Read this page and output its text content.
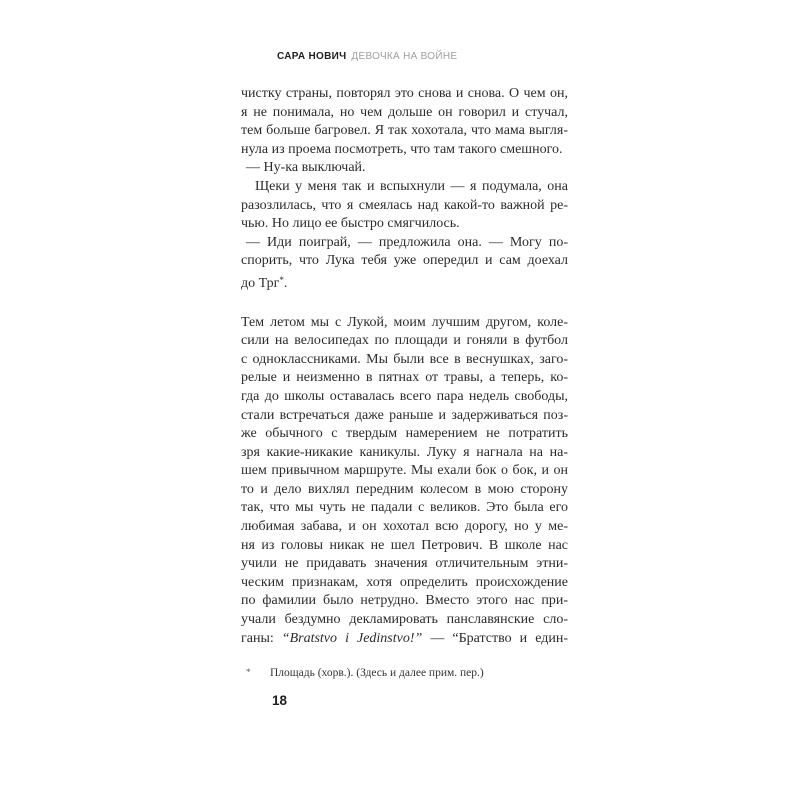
САРА НОВИЧ ДЕВОЧКА НА ВОЙНЕ
чистку страны, повторял это снова и снова. О чем он,
я не понимала, но чем дольше он говорил и стучал,
тем больше багровел. Я так хохотала, что мама выгля-
нула из проема посмотреть, что там такого смешного.
— Ну-ка выключай.
Щеки у меня так и вспыхнули — я подумала, она
разозлилась, что я смеялась над какой-то важной ре-
чью. Но лицо ее быстро смягчилось.
— Иди поиграй, — предложила она. — Могу по-
спорить, что Лука тебя уже опередил и сам доехал
до Трг*.
Тем летом мы с Лукой, моим лучшим другом, коле-
сили на велосипедах по площади и гоняли в футбол
с одноклассниками. Мы были все в веснушках, заго-
релые и неизменно в пятнах от травы, а теперь, ко-
гда до школы оставалась всего пара недель свободы,
стали встречаться даже раньше и задерживаться поз-
же обычного с твердым намерением не потратить
зря какие-никакие каникулы. Луку я нагнала на на-
шем привычном маршруте. Мы ехали бок о бок, и он
то и дело вихлял передним колесом в мою сторону
так, что мы чуть не падали с великов. Это была его
любимая забава, и он хохотал всю дорогу, но у ме-
ня из головы никак не шел Петрович. В школе нас
учили не придавать значения отличительным этни-
ческим признакам, хотя определить происхождение
по фамилии было нетрудно. Вместо этого нас при-
учали бездумно декламировать панславянские сло-
ганы: “Bratstvo i Jedinstvo!” — “Братство и един-
*	Площадь (хорв.). (Здесь и далее прим. пер.)
18
